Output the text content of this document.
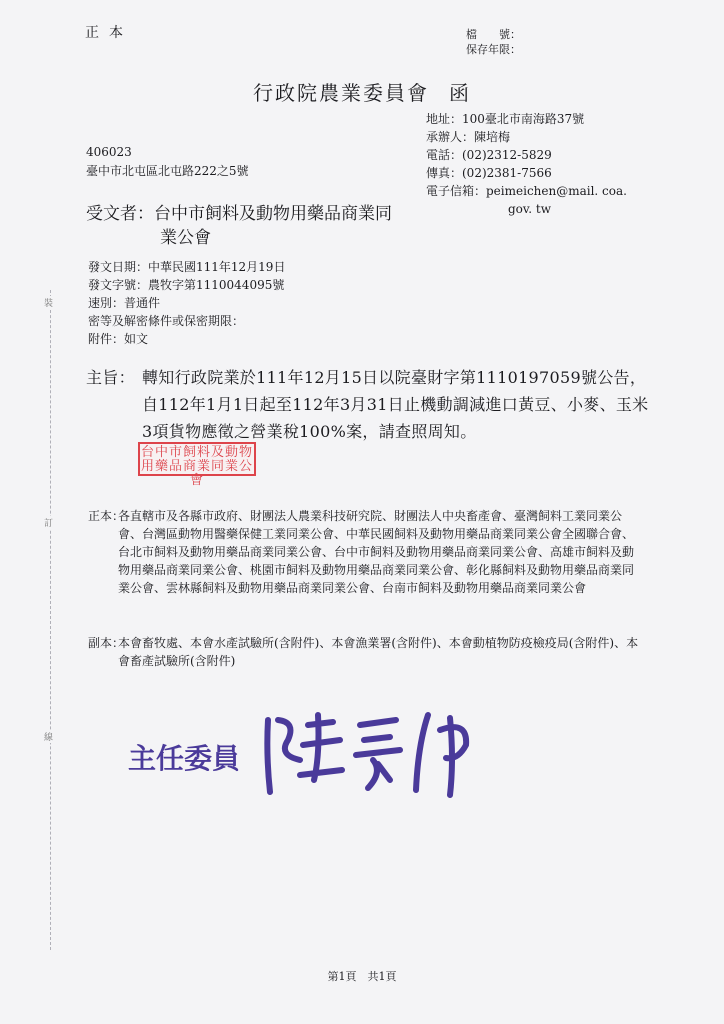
裝
訂
線
正本	檔　　號：
保存年限：
行政院農業委員會 函
地址：100臺北市南海路37號
承辦人：陳培梅
電話：(02)2312-5829
傳真：(02)2381-7566
電子信箱：peimeichen@mail. coa.
gov. tw
406023
臺中市北屯區北屯路222之5號
受文者：台中市飼料及動物用藥品商業同
業公會
發文日期：中華民國111年12月19日
發文字號：農牧字第1110044095號
速別：普通件
密等及解密條件或保密期限：
附件：如文
主旨： 轉知行政院業於111年12月15日以院臺財字第1110197059號公告，自112年1月1日起至112年3月31日止機動調減進口黃豆、小麥、玉米3項貨物應徵之營業稅100%案，請查照周知。
台中市飼料及動物用藥品商業同業公會
正本：
各直轄市及各縣市政府、財團法人農業科技研究院、財團法人中央畜產會、臺灣飼料工業同業公會、台灣區動物用醫藥保健工業同業公會、中華民國飼料及動物用藥品商業同業公會全國聯合會、台北市飼料及動物用藥品商業同業公會、台中市飼料及動物用藥品商業同業公會、高雄市飼料及動物用藥品商業同業公會、桃園市飼料及動物用藥品商業同業公會、彰化縣飼料及動物用藥品商業同業公會、雲林縣飼料及動物用藥品商業同業公會、台南市飼料及動物用藥品商業同業公會
副本：
本會畜牧處、本會水產試驗所(含附件)、本會漁業署(含附件)、本會動植物防疫檢疫局(含附件)、本會畜產試驗所(含附件)
主任委員
第1頁　共1頁
